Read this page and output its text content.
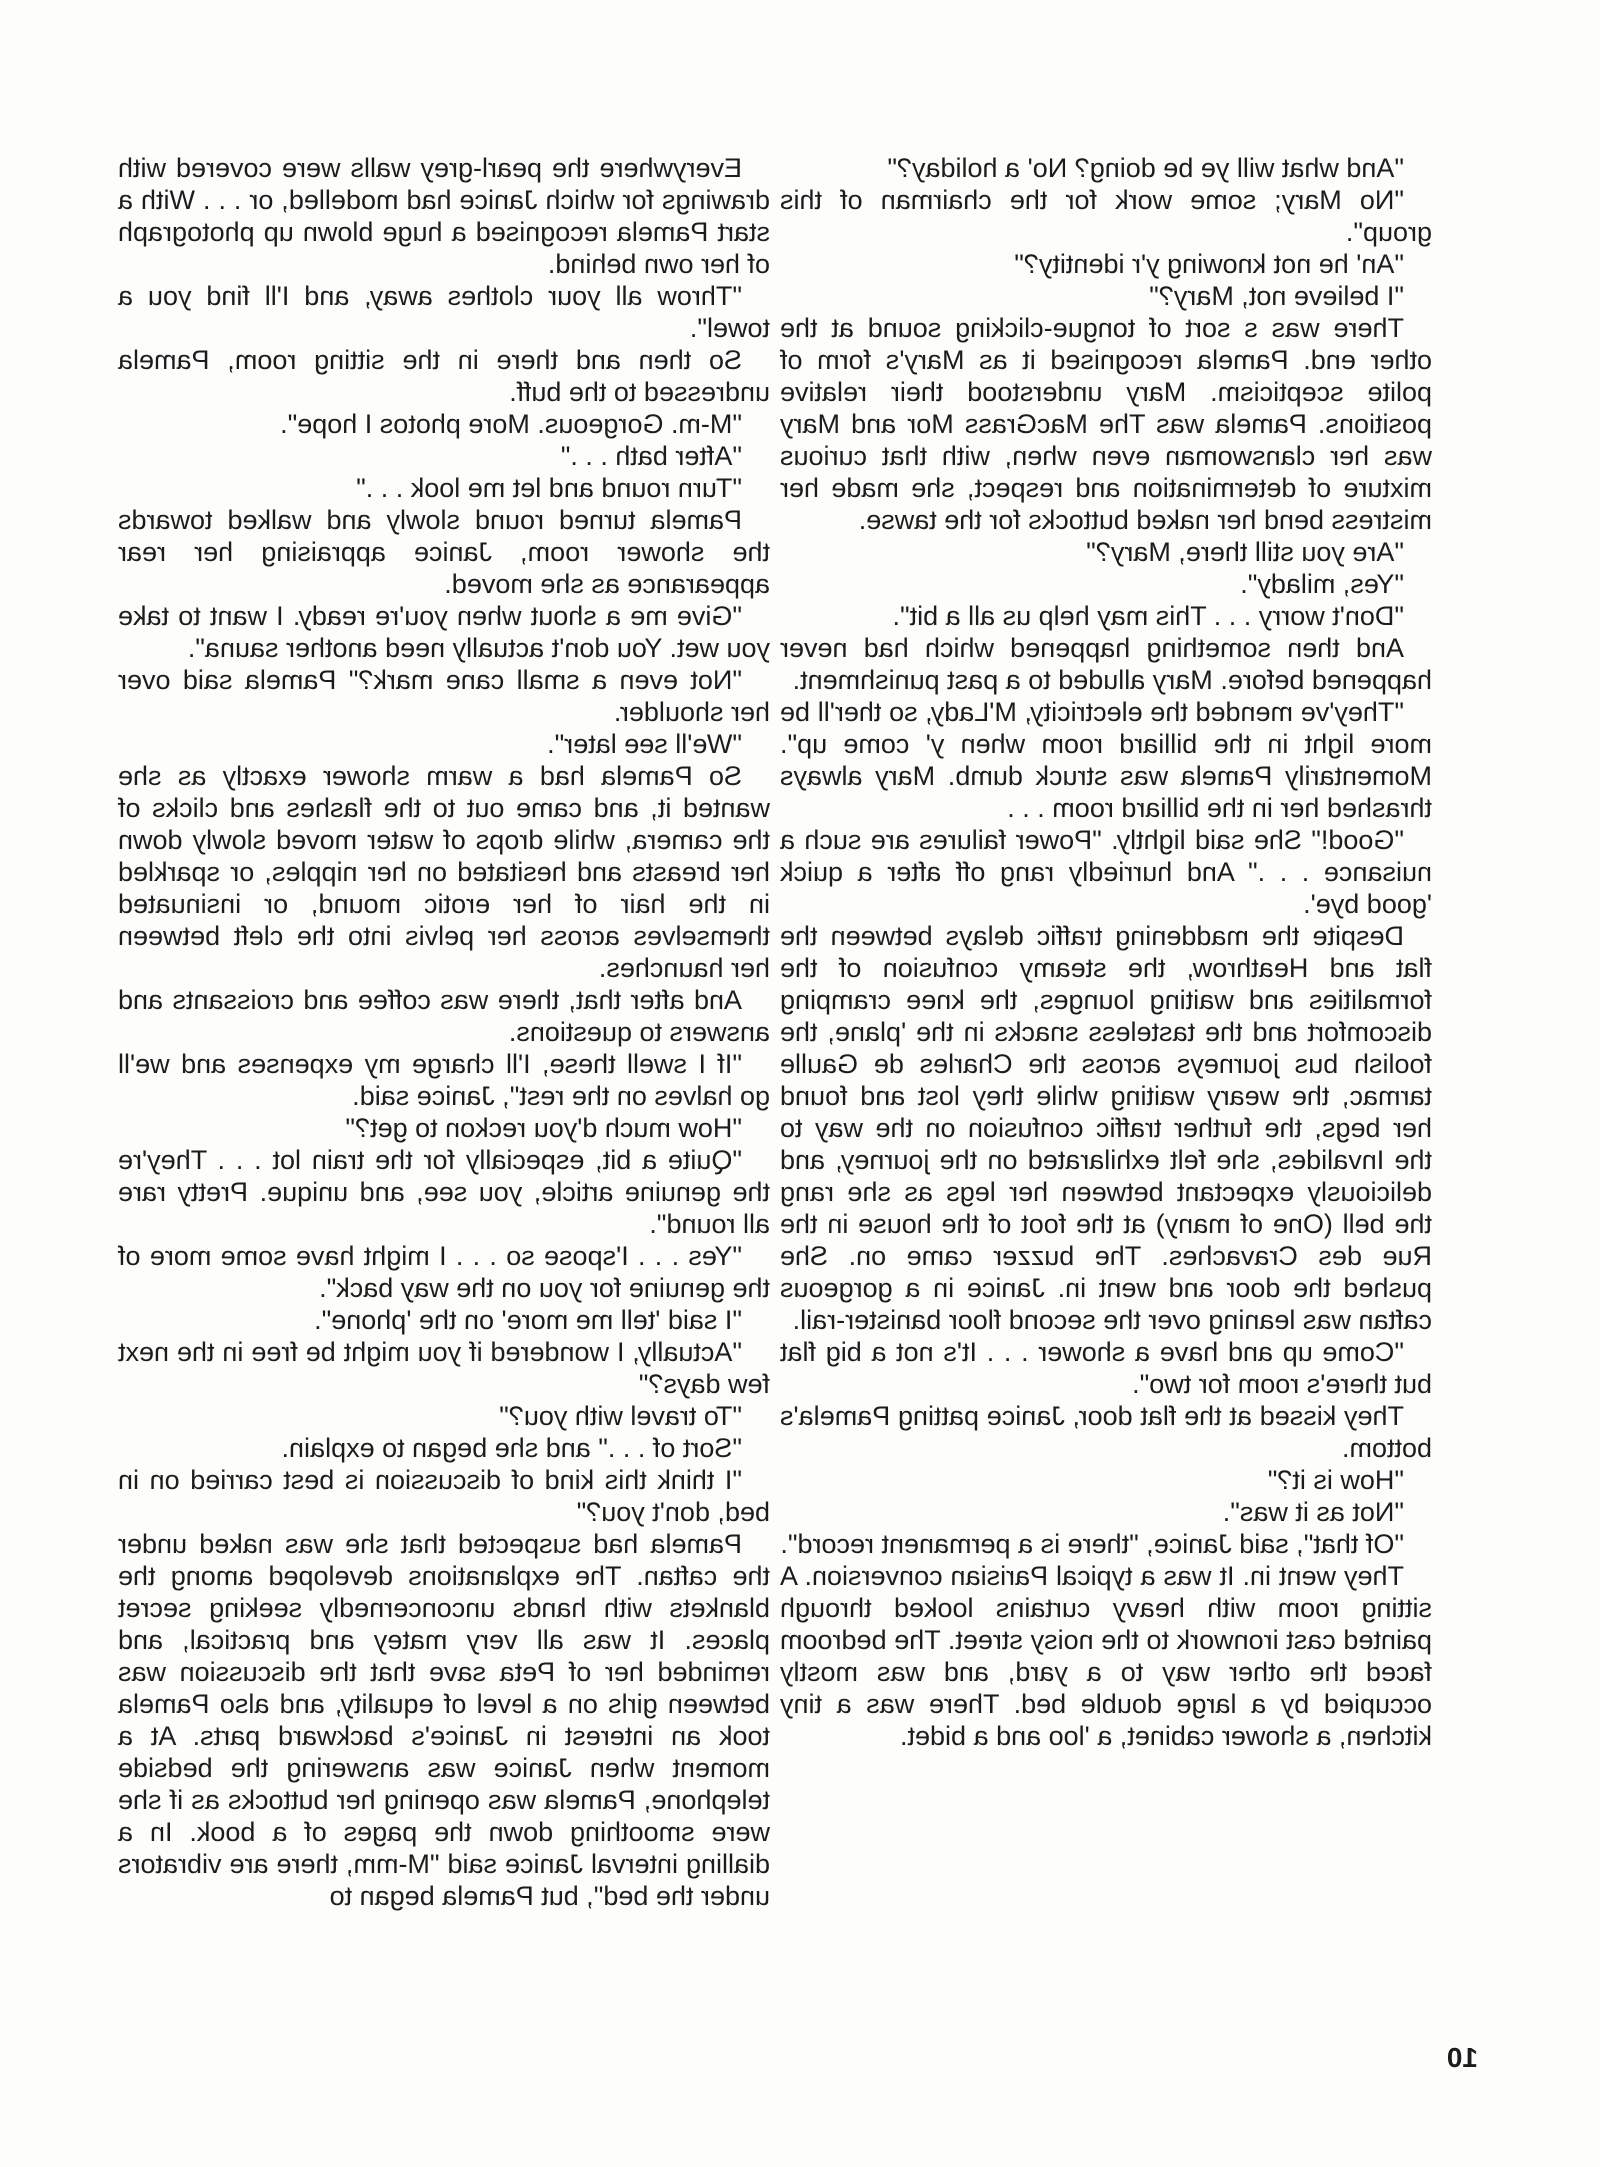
"And what will ye be doing? No' a holiday?"

"No Mary; some work for the chairman of this group".

"An' he not knowing y'r identity?"

"I believe not, Mary?"

There was s sort of tongue-clicking sound at the other end. Pamela recognised it as Mary's form of polite scepticism. Mary understood their relative positions. Pamela was The MacGrass Mor and Mary was her clanswoman even when, with that curious mixture of determination and respect, she made her mistress bend her naked buttocks for the tawse.

"Are you still there, Mary?"

"Yes, milady".

"Don't worry . . . This may help us all a bit".

And then something happened which had never happened before. Mary alluded to a past punishment.

"They've mended the electricity, M'Lady, so ther'll be more light in the billiard room when y' come up". Momentarily Pamela was struck dumb. Mary always thrashed her in the billiard room . . .

"Good!" She said lightly. "Power failures are such a nuisance . . ." And hurriedly rang off after a quick 'good bye'.

Despite the maddening traffic delays between the flat and Heathrow, the steamy confusion of the formalities and waiting lounges, the knee cramping discomfort and the tasteless snacks in the 'plane, the foolish bus journeys across the Charles de Gaulle tarmac, the weary waiting while they lost and found her begs, the further traffic confusion on the way to the Invalides, she felt exhilarated on the journey, and deliciously expectant between her legs as she rang the bell (One of many) at the foot of the house in the Rue des Cravaches. The buzzer came on. She pushed the door and went in. Janice in a gorgeous caftan was leaning over the second floor banister-rail.

"Come up and have a shower . . . It's not a big flat but there's room for two".

They kissed at the flat door, Janice patting Pamela's bottom.

"How is it?"

"Not as it was".

"Of that", said Janice, "there is a permanent record".

They went in. It was a typical Parisian conversion. A sitting room with heavy curtains looked through painted cast ironwork to the noisy street. The bedroom faced the other way to a yard, and was mostly occupied by a large double bed. There was a tiny kitchen, a shower cabinet, a 'loo and a bidet.

Everywhere the pearl-grey walls were covered with drawings for which Janice had modelled, or . . . With a start Pamela recognised a huge blown up photograph of her own behind.

"Throw all your clothes away, and I'll find you a towel".

So then and there in the sitting room, Pamela undressed to the buff.

"M-m. Gorgeous. More photos I hope".

"After bath . . ."

"Turn round and let me look . . ."

Pamela turned round slowly and walked towards the shower room, Janice appraising her rear appearance as she moved.

"Give me a shout when you're ready. I want to take you wet. You don't actually need another sauna".

"Not even a small cane mark?" Pamela said over her shoulder.

"We'll see later".

So Pamela had a warm shower exactly as she wanted it, and came out to the flashes and clicks of the camera, while drops of water moved slowly down her breasts and hesitated on her nipples, or sparkled in the hair of her erotic mound, or insinuated themselves across her pelvis into the cleft between her haunches.

And after that, there was coffee and croissants and answers to questions.

"If I swell these, I'll charge my expenses and we'll go halves on the rest", Janice said.

"How much d'you reckon to get?"

"Quite a bit, especially for the train lot . . . They're the genuine article, you see, and unique. Pretty rare all round".

"Yes . . . I'spose so . . . I might have some more of the genuine for you on the way back".

"I said 'tell me more' on the 'phone".

"Actually, I wondered if you might be free in the next few days?"

"To travel with you?"

"Sort of . . ." and she began to explain.

"I think this kind of discussion is best carried on in bed, don't you?"

Pamela had suspected that she was naked under the caftan. The explanations developed among the blankets with hands unconcernedly seeking secret places. It was all very matey and practical, and reminded her of Peta save that the discussion was between girls on a level of equality, and also Pamela took an interest in Janice's backward parts. At a moment when Janice was answering the bedside telephone, Pamela was opening her buttocks as if she were smoothing down the pages of a book. In a dialling interval Janice said "M-mm, there are vibrators under the bed", but Pamela began to

10
